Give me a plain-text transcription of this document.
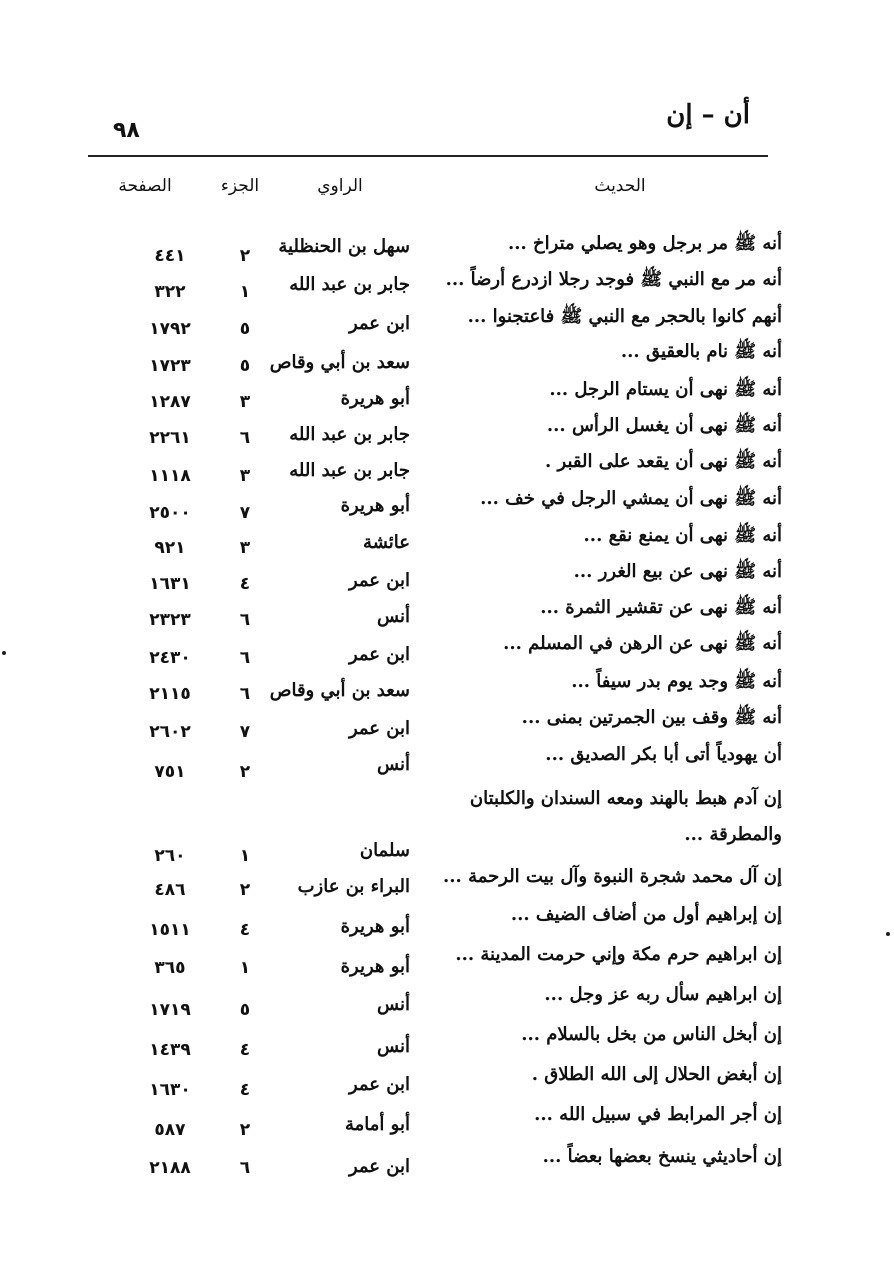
٩٨
أن – إن
الحديث
الراوي
الجزء
الصفحة
أنه ﷺ مر برجل وهو يصلي متراخ ...
سهل بن الحنظلية
٢
٤٤١
أنه مر مع النبي ﷺ فوجد رجلا ازدرع أرضاً ...
جابر بن عبد الله
١
٣٢٢
أنهم كانوا بالحجر مع النبي ﷺ فاعتجنوا ...
ابن عمر
٥
١٧٩٢
أنه ﷺ نام بالعقيق ...
سعد بن أبي وقاص
٥
١٧٢٣
أنه ﷺ نهى أن يستام الرجل ...
أبو هريرة
٣
١٢٨٧
أنه ﷺ نهى أن يغسل الرأس ...
جابر بن عبد الله
٦
٢٢٦١
أنه ﷺ نهى أن يقعد على القبر .
جابر بن عبد الله
٣
١١١٨
أنه ﷺ نهى أن يمشي الرجل في خف ...
أبو هريرة
٧
٢٥٠٠
أنه ﷺ نهى أن يمنع نقع ...
عائشة
٣
٩٢١
أنه ﷺ نهى عن بيع الغرر ...
ابن عمر
٤
١٦٣١
أنه ﷺ نهى عن تقشير الثمرة ...
أنس
٦
٢٣٢٣
أنه ﷺ نهى عن الرهن في المسلم ...
ابن عمر
٦
٢٤٣٠
أنه ﷺ وجد يوم بدر سيفاً ...
سعد بن أبي وقاص
٦
٢١١٥
أنه ﷺ وقف بين الجمرتين بمنى ...
ابن عمر
٧
٢٦٠٢
أن يهودياً أتى أبا بكر الصديق ...
أنس
٢
٧٥١
إن آدم هبط بالهند ومعه السندان والكلبتان
والمطرقة ...
سلمان
١
٢٦٠
إن آل محمد شجرة النبوة وآل بيت الرحمة ...
البراء بن عازب
٢
٤٨٦
إن إبراهيم أول من أضاف الضيف ...
أبو هريرة
٤
١٥١١
إن ابراهيم حرم مكة وإني حرمت المدينة ...
أبو هريرة
١
٣٦٥
إن ابراهيم سأل ربه عز وجل ...
أنس
٥
١٧١٩
إن أبخل الناس من بخل بالسلام ...
أنس
٤
١٤٣٩
إن أبغض الحلال إلى الله الطلاق .
ابن عمر
٤
١٦٣٠
إن أجر المرابط في سبيل الله ...
أبو أمامة
٢
٥٨٧
إن أحاديثي ينسخ بعضها بعضاً ...
ابن عمر
٦
٢١٨٨
